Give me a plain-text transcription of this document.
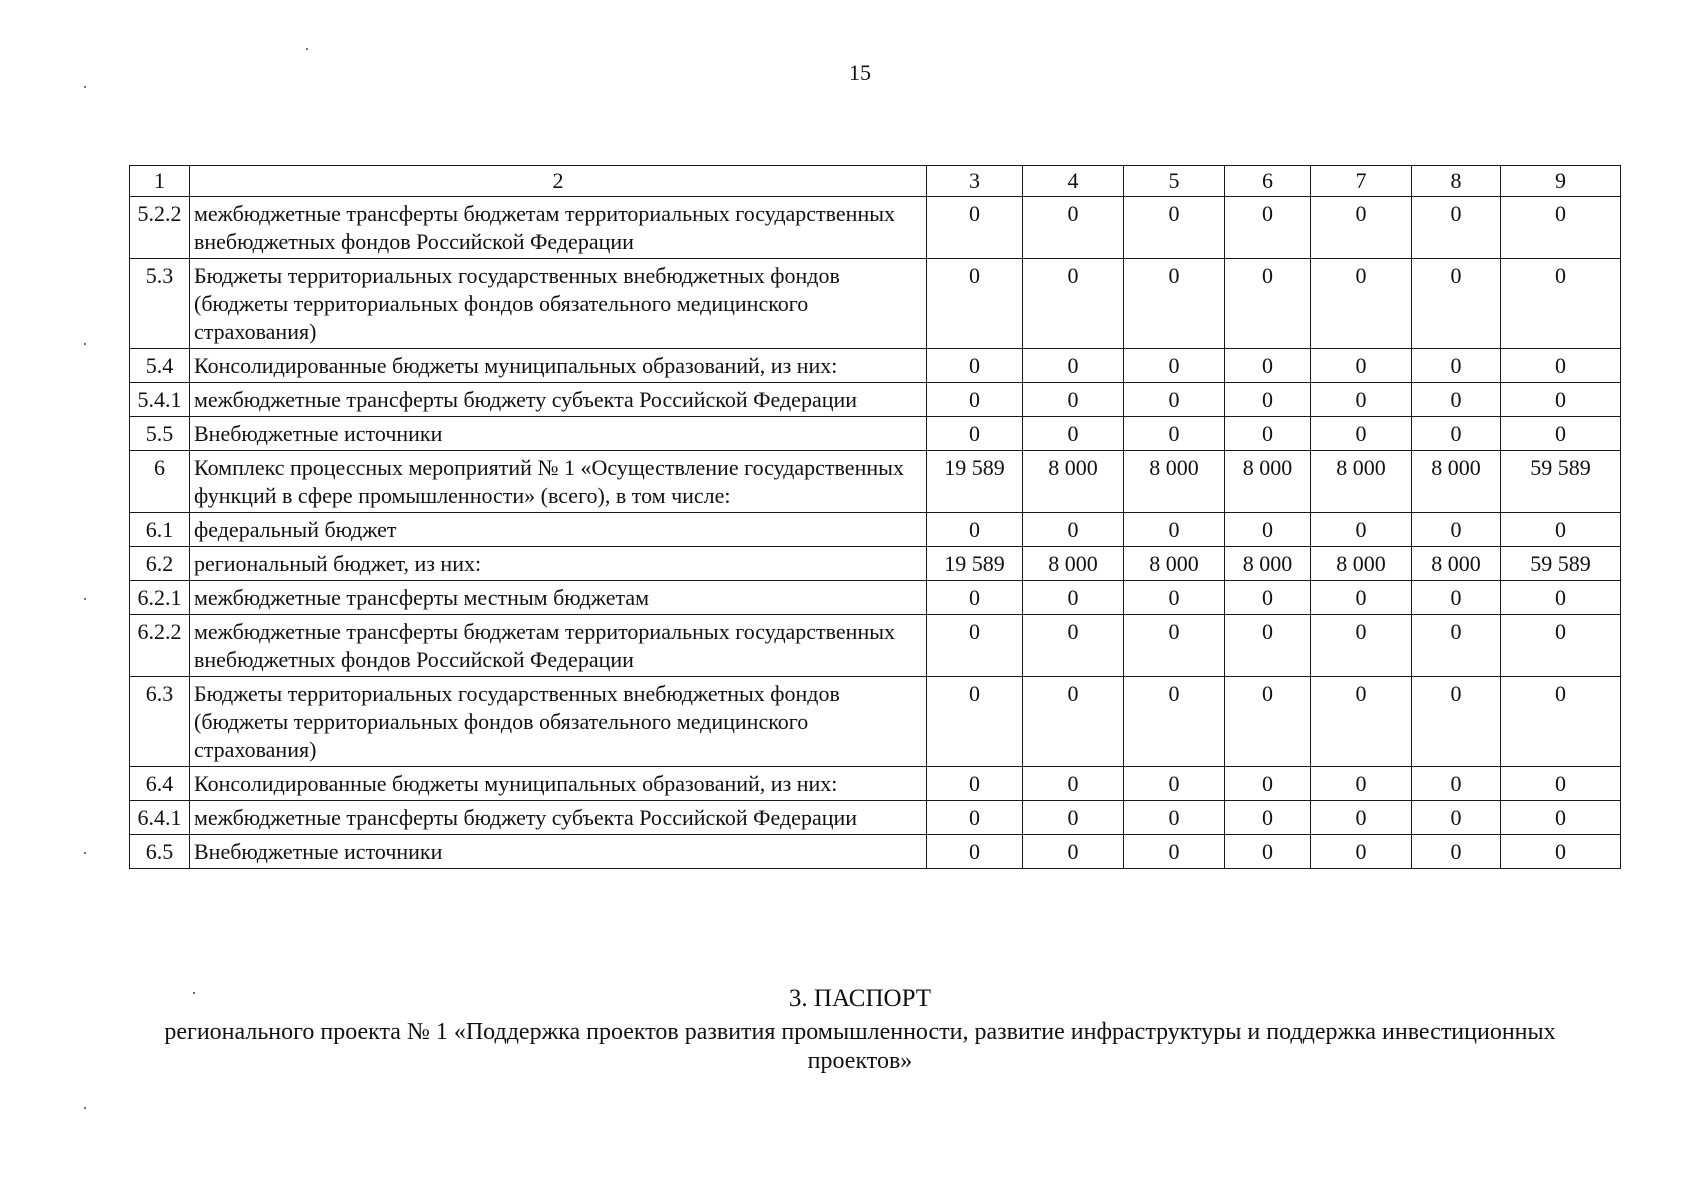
15
1	2	3	4	5	6	7	8	9
5.2.2	межбюджетные трансферты бюджетам территориальных государственных внебюджетных фондов Российской Федерации	0	0	0	0	0	0	0
5.3	Бюджеты территориальных государственных внебюджетных фондов (бюджеты территориальных фондов обязательного медицинского страхования)	0	0	0	0	0	0	0
5.4	Консолидированные бюджеты муниципальных образований, из них:	0	0	0	0	0	0	0
5.4.1	межбюджетные трансферты бюджету субъекта Российской Федерации	0	0	0	0	0	0	0
5.5	Внебюджетные источники	0	0	0	0	0	0	0
6	Комплекс процессных мероприятий № 1 «Осуществление государственных функций в сфере промышленности» (всего), в том числе:	19 589	8 000	8 000	8 000	8 000	8 000	59 589
6.1	федеральный бюджет	0	0	0	0	0	0	0
6.2	региональный бюджет, из них:	19 589	8 000	8 000	8 000	8 000	8 000	59 589
6.2.1	межбюджетные трансферты местным бюджетам	0	0	0	0	0	0	0
6.2.2	межбюджетные трансферты бюджетам территориальных государственных внебюджетных фондов Российской Федерации	0	0	0	0	0	0	0
6.3	Бюджеты территориальных государственных внебюджетных фондов (бюджеты территориальных фондов обязательного медицинского страхования)	0	0	0	0	0	0	0
6.4	Консолидированные бюджеты муниципальных образований, из них:	0	0	0	0	0	0	0
6.4.1	межбюджетные трансферты бюджету субъекта Российской Федерации	0	0	0	0	0	0	0
6.5	Внебюджетные источники	0	0	0	0	0	0	0
3. ПАСПОРТ
регионального проекта № 1 «Поддержка проектов развития промышленности, развитие инфраструктуры и поддержка инвестиционных проектов»
